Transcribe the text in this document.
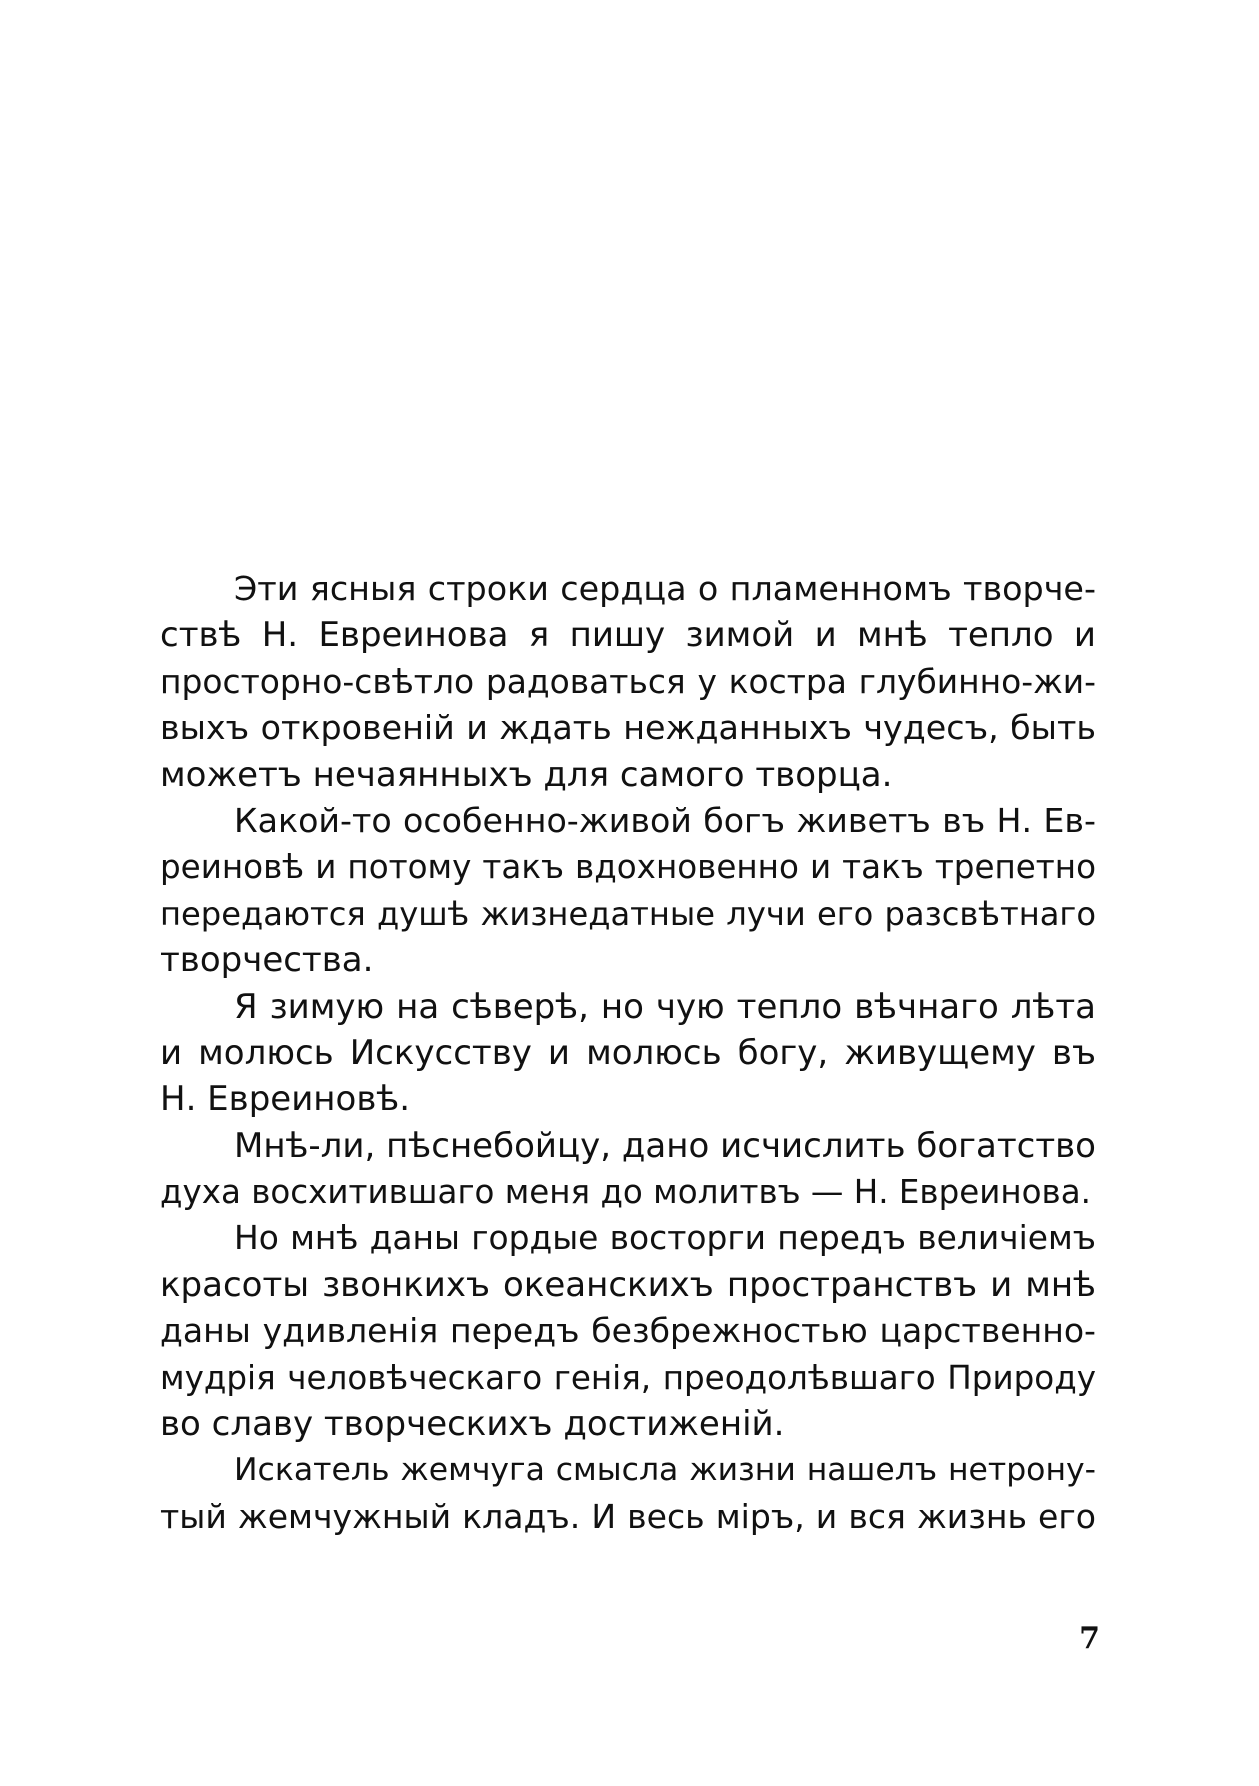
Эти ясныя строки сердца о пламенномъ творче-
ствѣ Н. Евреинова я пишу зимой и мнѣ тепло и
просторно-свѣтло радоваться у костра глубинно-жи-
выхъ откровенiй и ждать нежданныхъ чудесъ, быть
можетъ нечаянныхъ для самого творца.
Какой-то особенно-живой богъ живетъ въ Н. Ев-
реиновѣ и потому такъ вдохновенно и такъ трепетно
передаются душѣ жизнедатные лучи его разсвѣтнаго
творчества.
Я зимую на сѣверѣ, но чую тепло вѣчнаго лѣта
и молюсь Искусству и молюсь богу, живущему въ
Н. Евреиновѣ.
Мнѣ-ли, пѣснебойцу, дано исчислить богатство
духа восхитившаго меня до молитвъ — Н. Евреинова.
Но мнѣ даны гордые восторги передъ величiемъ
красоты звонкихъ океанскихъ пространствъ и мнѣ
даны удивленiя передъ безбрежностью царственно-
мудрiя человѣческаго генiя, преодолѣвшаго Природу
во славу творческихъ достиженiй.
Искатель жемчуга смысла жизни нашелъ нетрону-
тый жемчужный кладъ. И весь мiръ, и вся жизнь его
7
